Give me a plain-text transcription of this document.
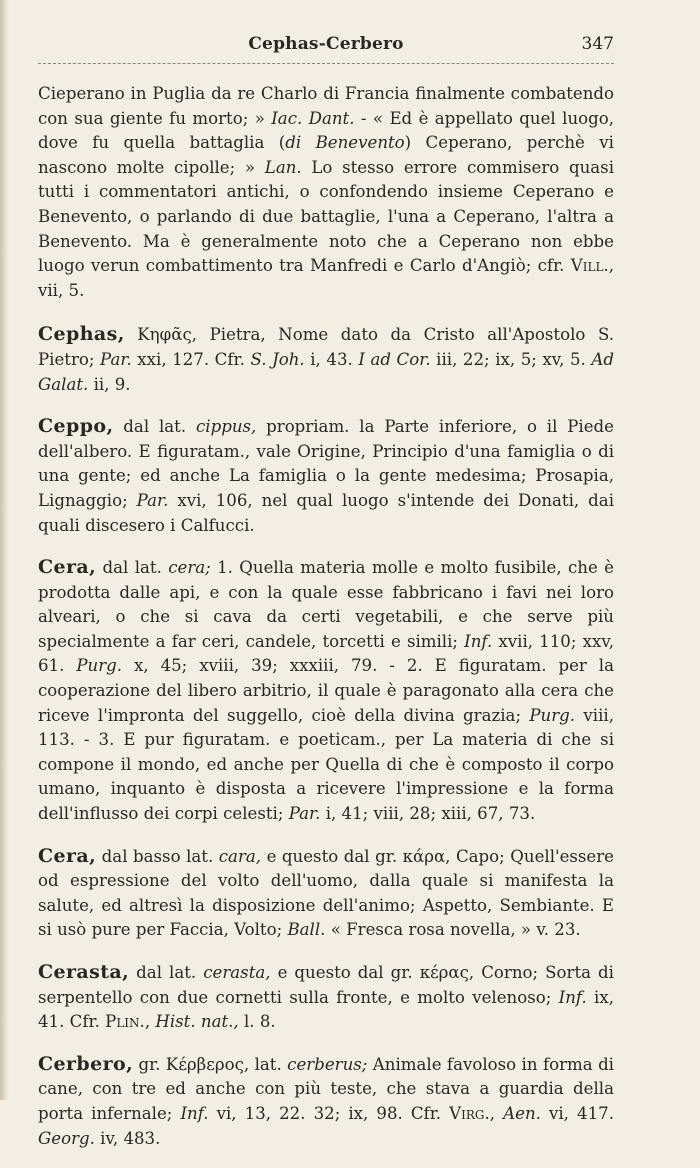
Cephas-Cerbero	347

Cieperano in Puglia da re Charlo di Francia finalmente combatendo con sua giente fu morto; » Iac. Dant. - « Ed è appellato quel luogo, dove fu quella battaglia (di Benevento) Ceperano, perchè vi nascono molte cipolle; » Lan. Lo stesso errore commisero quasi tutti i commentatori antichi, o confondendo insieme Ceperano e Benevento, o parlando di due battaglie, l'una a Ceperano, l'altra a Benevento. Ma è generalmente noto che a Ceperano non ebbe luogo verun combattimento tra Manfredi e Carlo d'Angiò; cfr. Vill., vii, 5.

Cephas, Κηφᾶς, Pietra, Nome dato da Cristo all'Apostolo S. Pietro; Par. xxi, 127. Cfr. S. Joh. i, 43. I ad Cor. iii, 22; ix, 5; xv, 5. Ad Galat. ii, 9.

Ceppo, dal lat. cippus, propriam. la Parte inferiore, o il Piede dell'albero. E figuratam., vale Origine, Principio d'una famiglia o di una gente; ed anche La famiglia o la gente medesima; Prosapia, Lignaggio; Par. xvi, 106, nel qual luogo s'intende dei Donati, dai quali discesero i Calfucci.

Cera, dal lat. cera; 1. Quella materia molle e molto fusibile, che è prodotta dalle api, e con la quale esse fabbricano i favi nei loro alveari, o che si cava da certi vegetabili, e che serve più specialmente a far ceri, candele, torcetti e simili; Inf. xvii, 110; xxv, 61. Purg. x, 45; xviii, 39; xxxiii, 79. - 2. E figuratam. per la cooperazione del libero arbitrio, il quale è paragonato alla cera che riceve l'impronta del suggello, cioè della divina grazia; Purg. viii, 113. - 3. E pur figuratam. e poeticam., per La materia di che si compone il mondo, ed anche per Quella di che è composto il corpo umano, inquanto è disposta a ricevere l'impressione e la forma dell'influsso dei corpi celesti; Par. i, 41; viii, 28; xiii, 67, 73.

Cera, dal basso lat. cara, e questo dal gr. κάρα, Capo; Quell'essere od espressione del volto dell'uomo, dalla quale si manifesta la salute, ed altresì la disposizione dell'animo; Aspetto, Sembiante. E si usò pure per Faccia, Volto; Ball. « Fresca rosa novella, » v. 23.

Cerasta, dal lat. cerasta, e questo dal gr. κέρας, Corno; Sorta di serpentello con due cornetti sulla fronte, e molto velenoso; Inf. ix, 41. Cfr. Plin., Hist. nat., l. 8.

Cerbero, gr. Κέρβερος, lat. cerberus; Animale favoloso in forma di cane, con tre ed anche con più teste, che stava a guardia della porta infernale; Inf. vi, 13, 22. 32; ix, 98. Cfr. Virg., Aen. vi, 417. Georg. iv, 483.
